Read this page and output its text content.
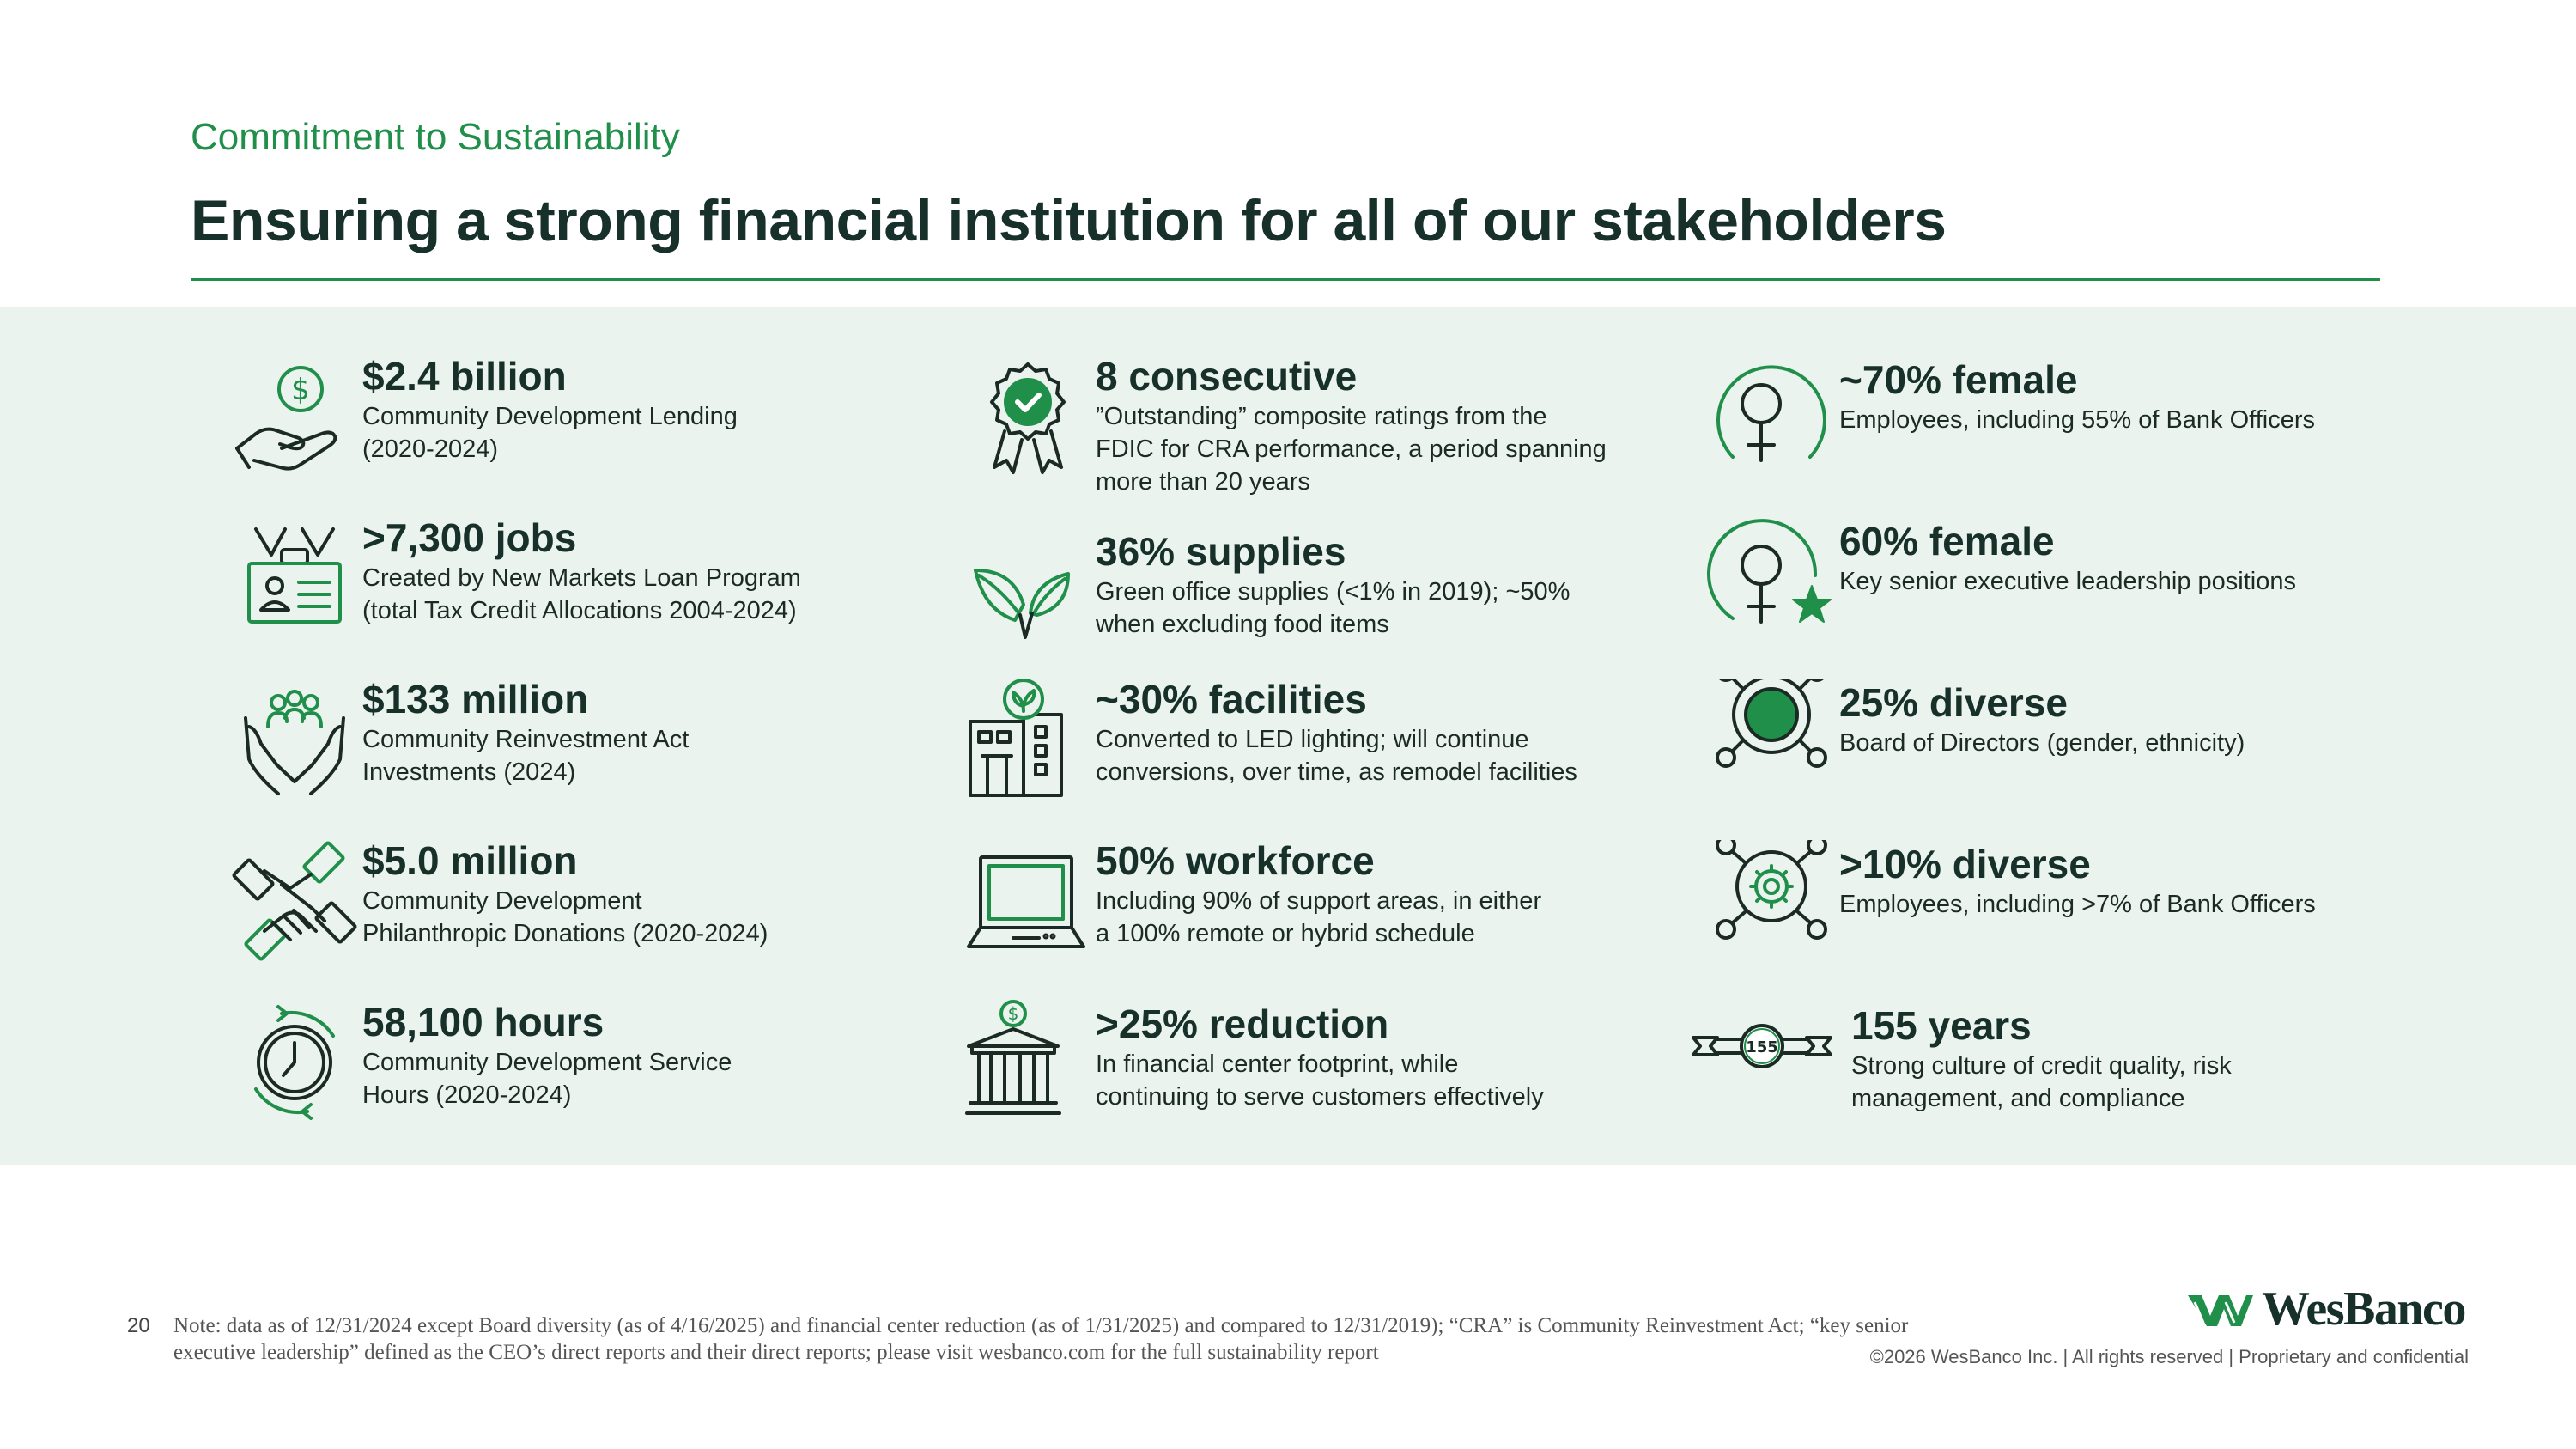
Commitment to Sustainability
Ensuring a strong financial institution for all of our stakeholders
$ $2.4 billion
Community Development Lending
(2020-2024)
>7,300 jobs
Created by New Markets Loan Program
(total Tax Credit Allocations 2004-2024)
$133 million
Community Reinvestment Act
Investments (2024)
$5.0 million
Community Development
Philanthropic Donations (2020-2024)
58,100 hours
Community Development Service
Hours (2020-2024)
8 consecutive
”Outstanding” composite ratings from the
FDIC for CRA performance, a period spanning
more than 20 years
36% supplies
Green office supplies (<1% in 2019); ~50%
when excluding food items
~30% facilities
Converted to LED lighting; will continue
conversions, over time, as remodel facilities
50% workforce
Including 90% of support areas, in either
a 100% remote or hybrid schedule
$ >25% reduction
In financial center footprint, while
continuing to serve customers effectively
~70% female
Employees, including 55% of Bank Officers
60% female
Key senior executive leadership positions
25% diverse
Board of Directors (gender, ethnicity)
>10% diverse
Employees, including >7% of Bank Officers
155 155 years
Strong culture of credit quality, risk
management, and compliance
20 Note: data as of 12/31/2024 except Board diversity (as of 4/16/2025) and financial center reduction (as of 1/31/2025) and compared to 12/31/2019); “CRA” is Community Reinvestment Act; “key senior executive leadership” defined as the CEO’s direct reports and their direct reports; please visit wesbanco.com for the full sustainability report
WesBanco
©2026 WesBanco Inc. | All rights reserved | Proprietary and confidential
